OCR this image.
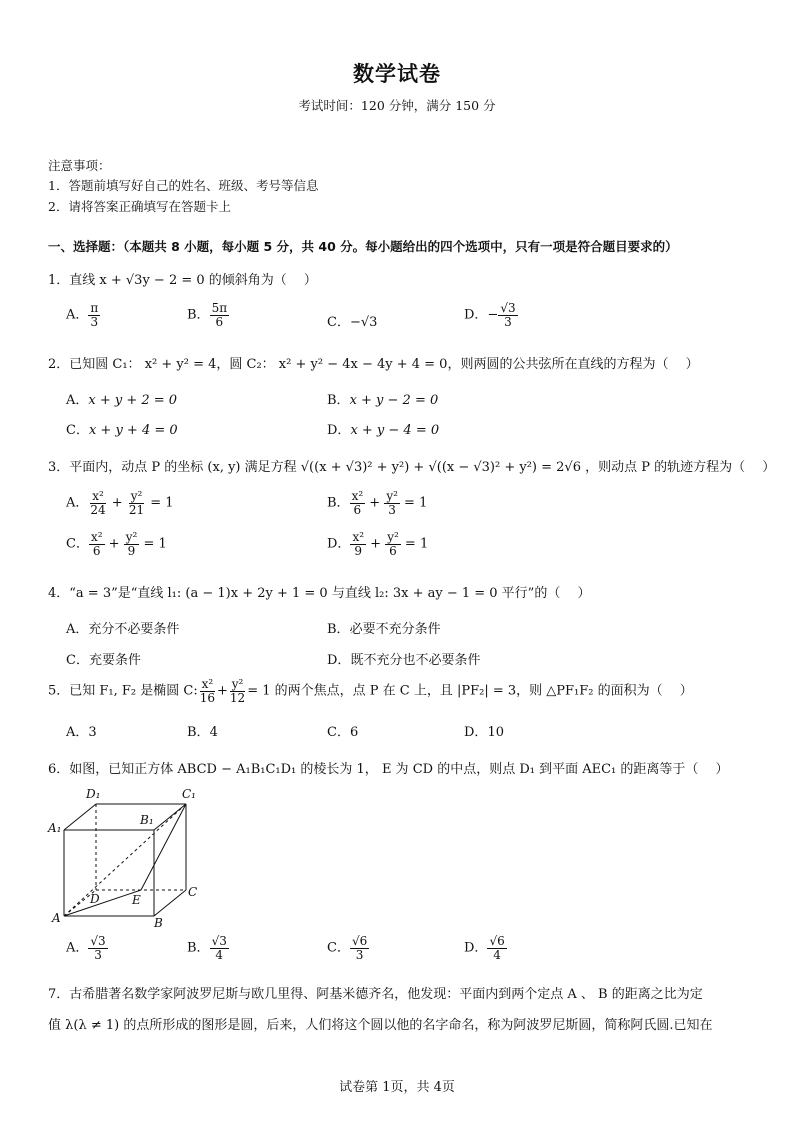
数学试卷
考试时间：120 分钟，满分 150 分
注意事项：
1．答题前填写好自己的姓名、班级、考号等信息
2．请将答案正确填写在答题卡上
一、选择题：（本题共 8 小题，每小题 5 分，共 40 分。每小题给出的四个选项中，只有一项是符合题目要求的）
1．直线 x + √3y − 2 = 0 的倾斜角为（　 ）
A． $\frac{\pi}{3}$	B． $\frac{5\pi}{6}$	C．−√3	D．− $\frac{√3}{3}$
2．已知圆 C₁： x² + y² = 4，圆 C₂： x² + y² − 4x − 4y + 4 = 0，则两圆的公共弦所在直线的方程为（　 ）
A．x + y + 2 = 0	B．x + y − 2 = 0
C．x + y + 4 = 0	D．x + y − 4 = 0
3．平面内，动点 P 的坐标 (x, y) 满足方程 √((x + √3)² + y²) + √((x − √3)² + y²) = 2√6 ，则动点 P 的轨迹方程为（　 ）
A． $\frac{\text{x²}}{24} + \frac{\text{y²}}{21} = 1$	B． $\frac{\text{x²}}{6} + \frac{\text{y²}}{3} = 1$
C． $\frac{\text{x²}}{6} + \frac{\text{y²}}{9} = 1$	D． $\frac{\text{x²}}{9} + \frac{\text{y²}}{6} = 1$
4．“a = 3”是“直线 l₁: (a − 1)x + 2y + 1 = 0 与直线 l₂: 3x + ay − 1 = 0 平行”的（　 ）
A．充分不必要条件	B．必要不充分条件
C．充要条件	D．既不充分也不必要条件
5．已知 F₁, F₂ 是椭圆 C: $\frac{\text{x²}}{16} + \frac{\text{y²}}{12} = 1$ 的两个焦点，点 P 在 C 上，且 |PF₂| = 3，则 △PF₁F₂ 的面积为（　 ）
A．3	B．4	C．6	D．10
6．如图，已知正方体 ABCD − A₁B₁C₁D₁ 的棱长为 1， E 为 CD 的中点，则点 D₁ 到平面 AEC₁ 的距离等于（　 ）
D₁	C₁
A₁
B₁
D	E
C
A	B
A． $\frac{√3}{3}$	B． $\frac{√3}{4}$	C． $\frac{√6}{3}$	D． $\frac{√6}{4}$
7．古希腊著名数学家阿波罗尼斯与欧几里得、阿基米德齐名，他发现：平面内到两个定点 A 、 B 的距离之比为定
值 λ(λ ≠ 1) 的点所形成的图形是圆，后来，人们将这个圆以他的名字命名，称为阿波罗尼斯圆，简称阿氏圆.已知在
试卷第 1页，共 4页
